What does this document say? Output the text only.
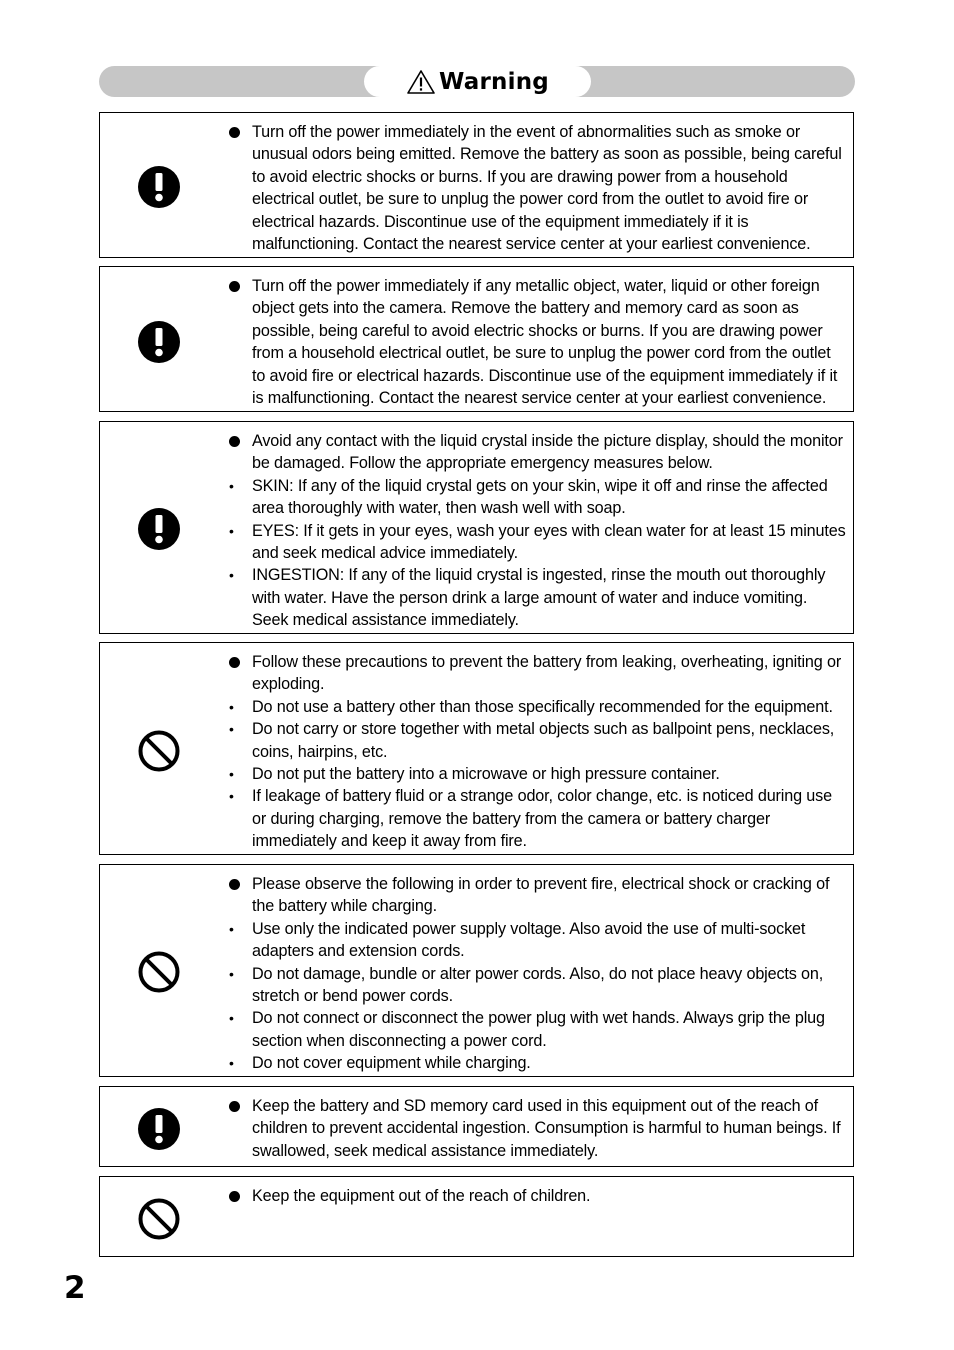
Warning
Turn off the power immediately in the event of abnormalities such as smoke or unusual odors being emitted. Remove the battery as soon as possible, being careful to avoid electric shocks or burns. If you are drawing power from a household electrical outlet, be sure to unplug the power cord from the outlet to avoid fire or electrical hazards. Discontinue use of the equipment immediately if it is malfunctioning. Contact the nearest service center at your earliest convenience.
Turn off the power immediately if any metallic object, water, liquid or other foreign object gets into the camera. Remove the battery and memory card as soon as possible, being careful to avoid electric shocks or burns. If you are drawing power from a household electrical outlet, be sure to unplug the power cord from the outlet to avoid fire or electrical hazards. Discontinue use of the equipment immediately if it is malfunctioning. Contact the nearest service center at your earliest convenience.
Avoid any contact with the liquid crystal inside the picture display, should the monitor be damaged. Follow the appropriate emergency measures below.
• SKIN: If any of the liquid crystal gets on your skin, wipe it off and rinse the affected area thoroughly with water, then wash well with soap.
• EYES: If it gets in your eyes, wash your eyes with clean water for at least 15 minutes and seek medical advice immediately.
• INGESTION: If any of the liquid crystal is ingested, rinse the mouth out thoroughly with water. Have the person drink a large amount of water and induce vomiting. Seek medical assistance immediately.
Follow these precautions to prevent the battery from leaking, overheating, igniting or exploding.
• Do not use a battery other than those specifically recommended for the equipment.
• Do not carry or store together with metal objects such as ballpoint pens, necklaces, coins, hairpins, etc.
• Do not put the battery into a microwave or high pressure container.
• If leakage of battery fluid or a strange odor, color change, etc. is noticed during use or during charging, remove the battery from the camera or battery charger immediately and keep it away from fire.
Please observe the following in order to prevent fire, electrical shock or cracking of the battery while charging.
• Use only the indicated power supply voltage. Also avoid the use of multi-socket adapters and extension cords.
• Do not damage, bundle or alter power cords. Also, do not place heavy objects on, stretch or bend power cords.
• Do not connect or disconnect the power plug with wet hands. Always grip the plug section when disconnecting a power cord.
• Do not cover equipment while charging.
Keep the battery and SD memory card used in this equipment out of the reach of children to prevent accidental ingestion. Consumption is harmful to human beings. If swallowed, seek medical assistance immediately.
Keep the equipment out of the reach of children.
2
